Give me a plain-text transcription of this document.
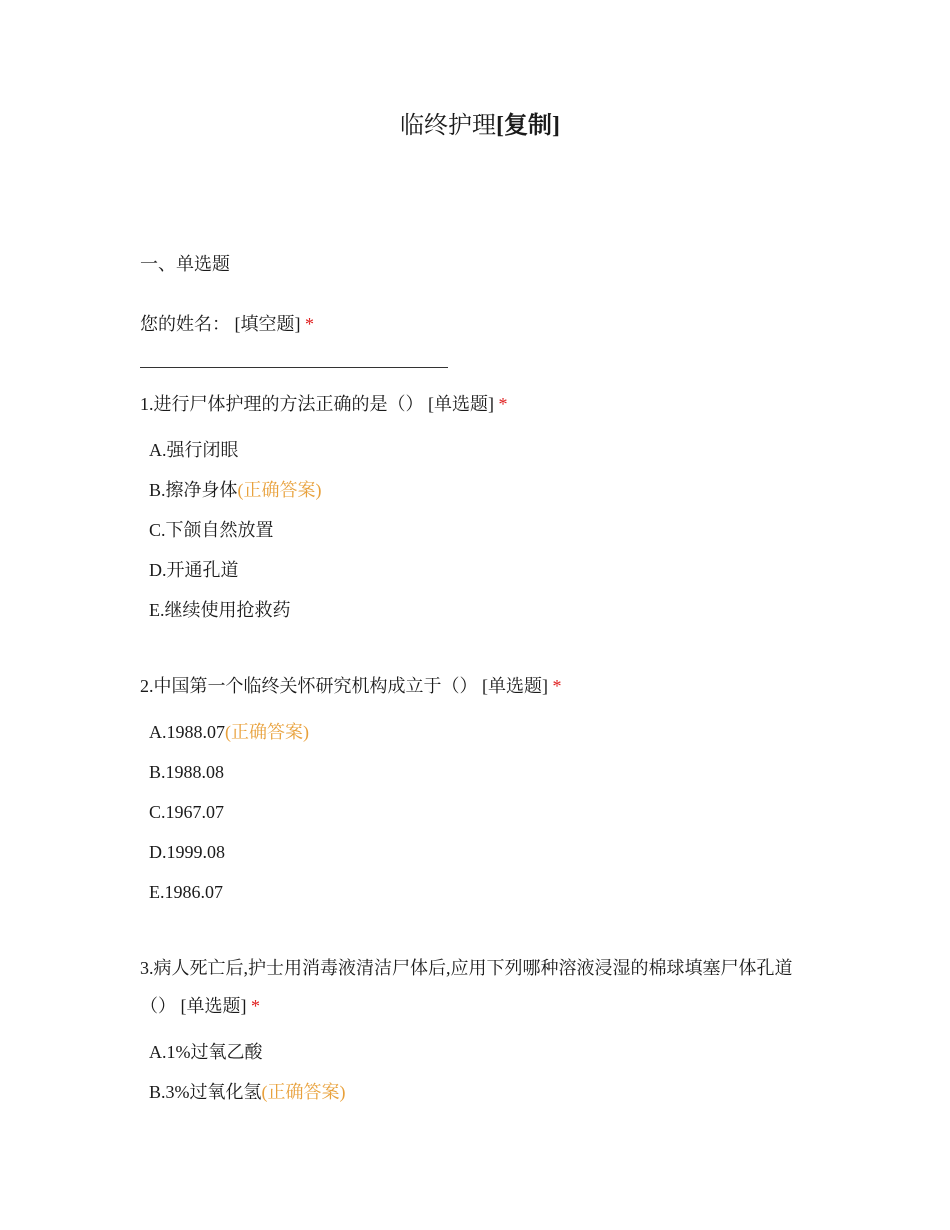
临终护理[复制]
一、单选题
您的姓名： [填空题] *
1.进行尸体护理的方法正确的是（） [单选题] *
A.强行闭眼
B.擦净身体(正确答案)
C.下颌自然放置
D.开通孔道
E.继续使用抢救药
2.中国第一个临终关怀研究机构成立于（） [单选题] *
A.1988.07(正确答案)
B.1988.08
C.1967.07
D.1999.08
E.1986.07
3.病人死亡后,护士用消毒液清洁尸体后,应用下列哪种溶液浸湿的棉球填塞尸体孔道（） [单选题] *
A.1%过氧乙酸
B.3%过氧化氢(正确答案)
